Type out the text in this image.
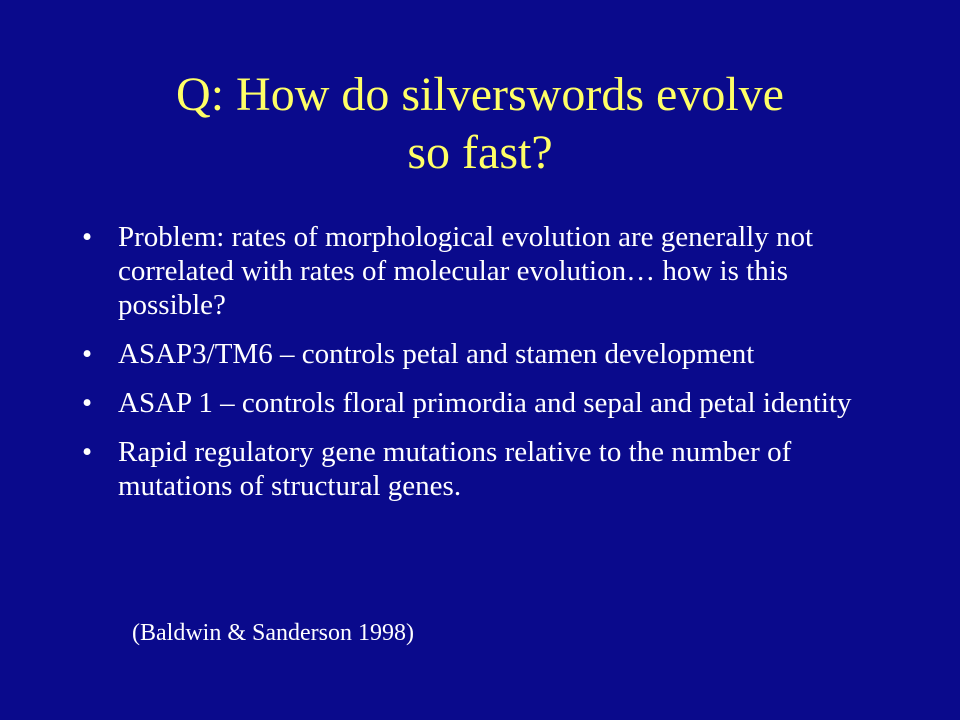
Q: How do silverswords evolve
so fast?
• Problem: rates of morphological evolution are generally not correlated with rates of molecular evolution… how is this possible?
• ASAP3/TM6 – controls petal and stamen development
• ASAP 1 – controls floral primordia and sepal and petal identity
• Rapid regulatory gene mutations relative to the number of mutations of structural genes.
(Baldwin & Sanderson 1998)
